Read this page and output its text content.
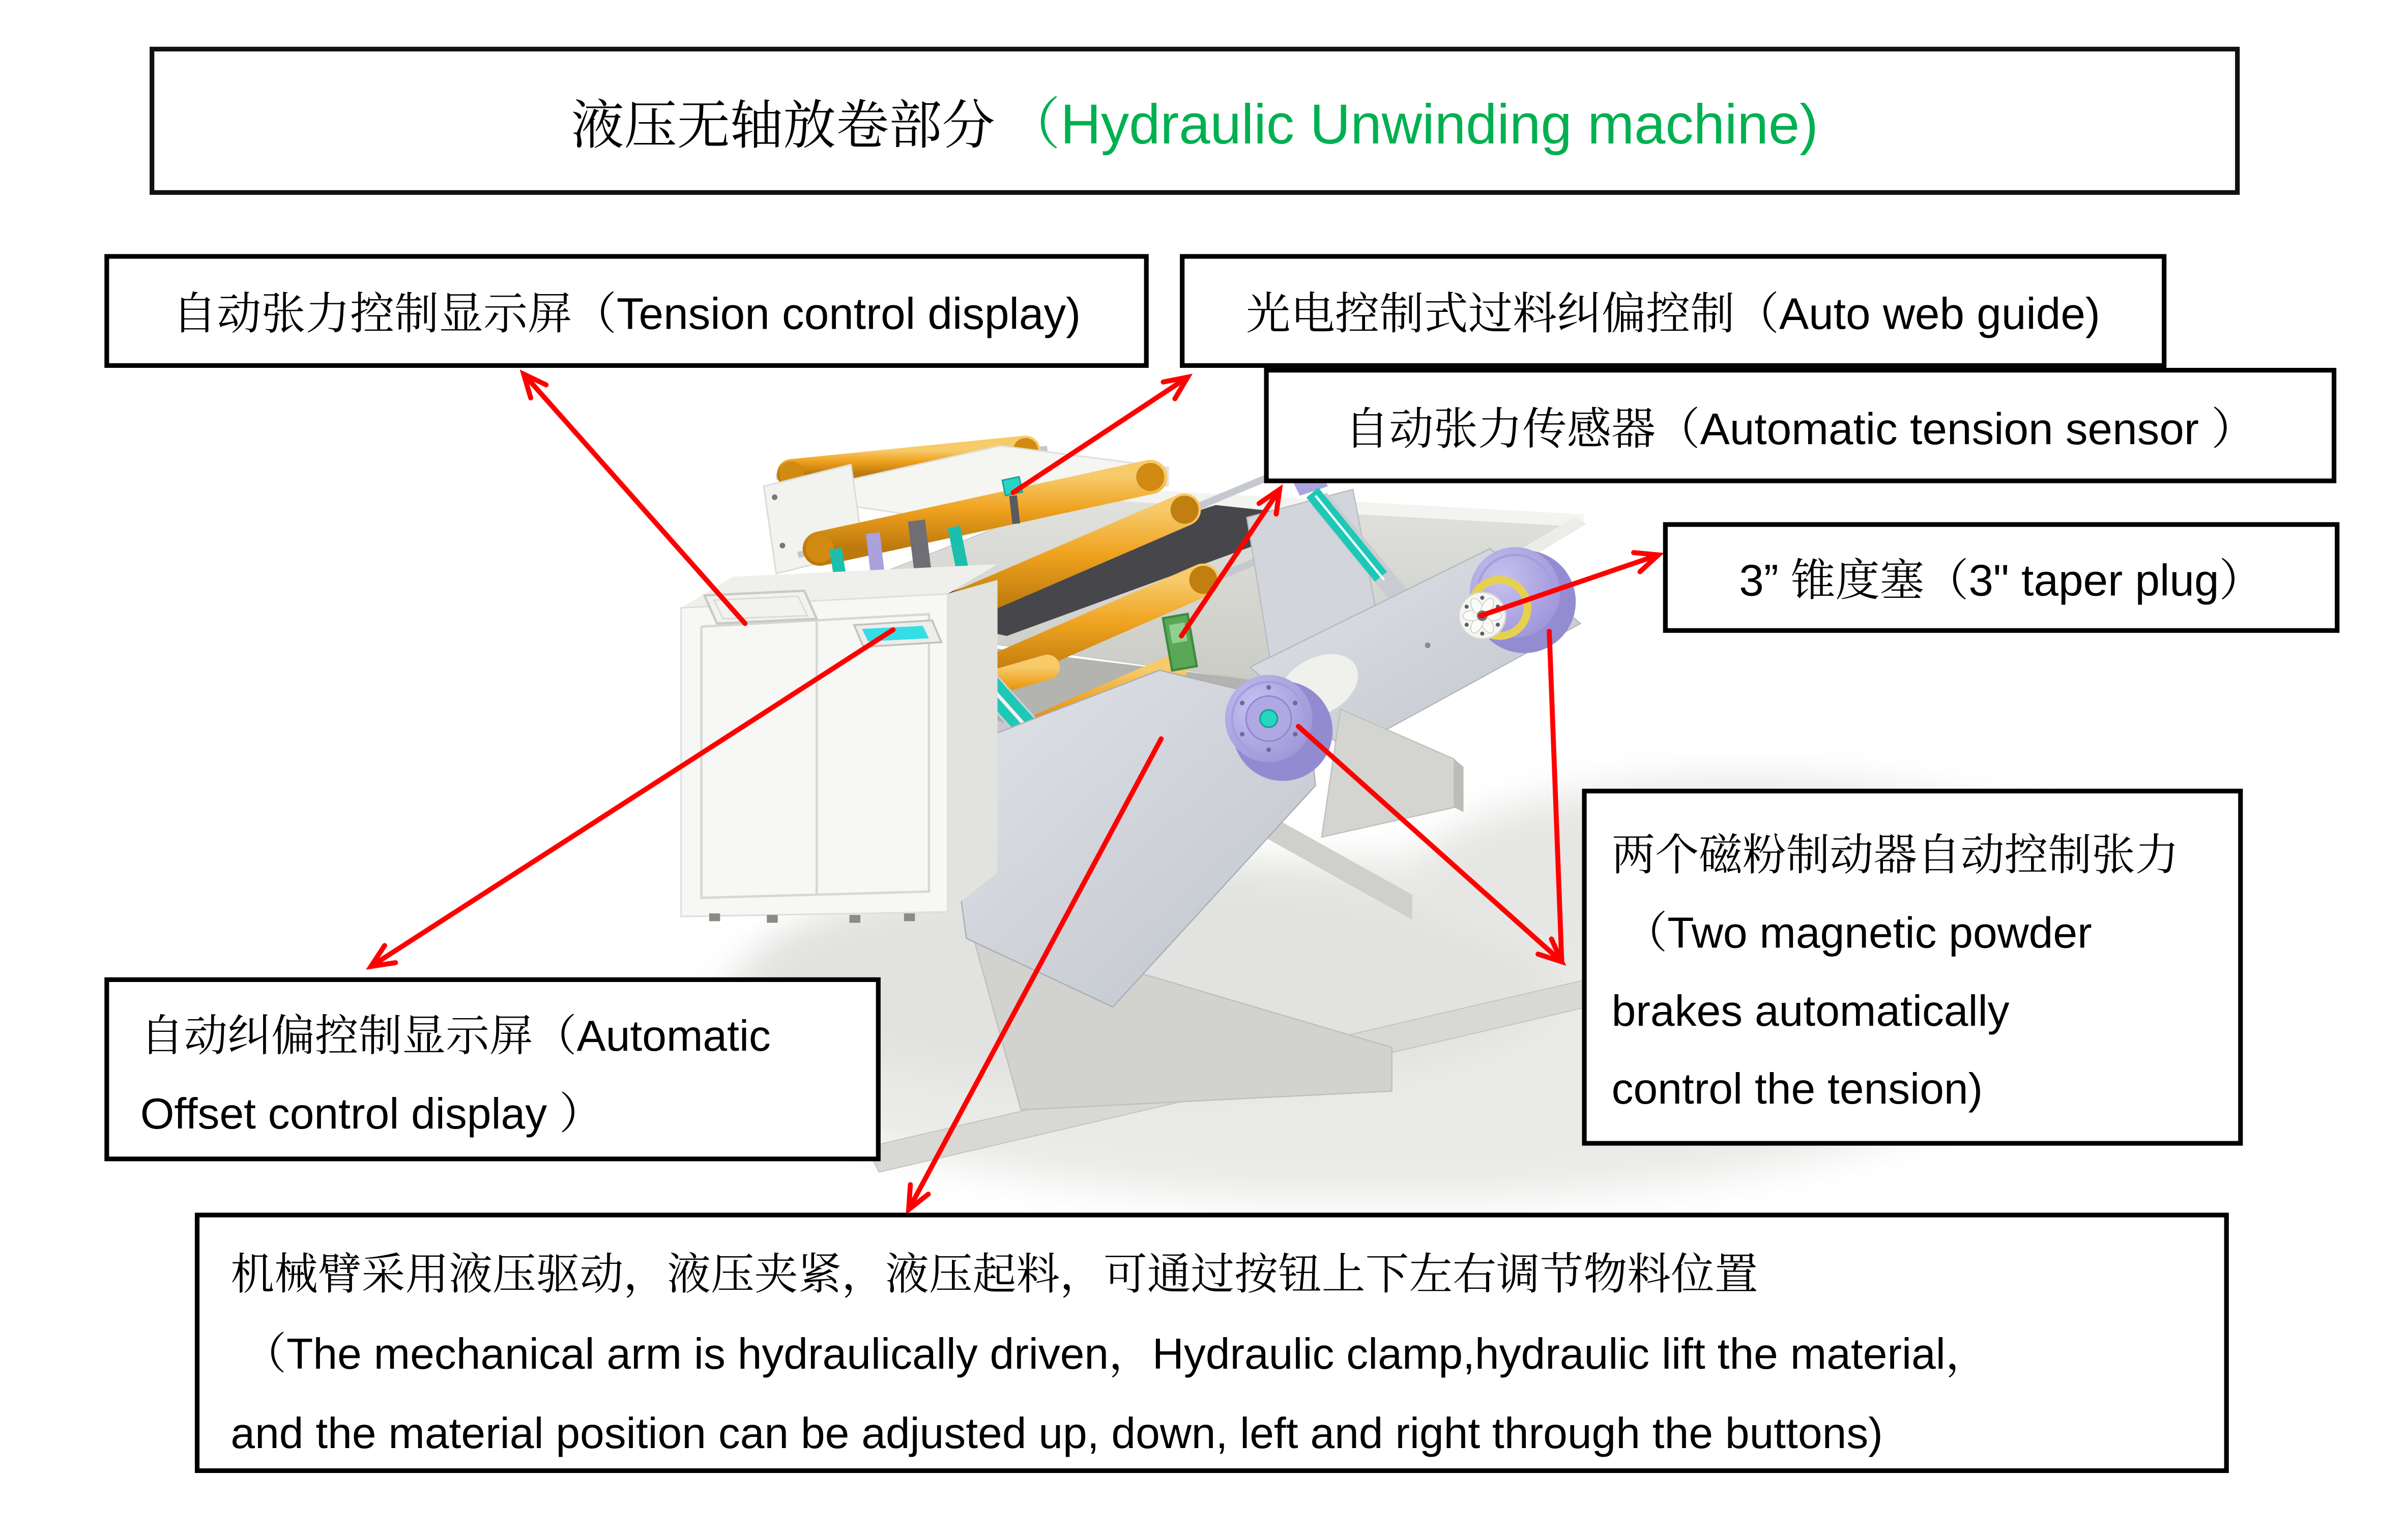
液压无轴放卷部分 （Hydraulic Unwinding machine)
自动张力控制显示屏（Tension control display)	光电控制式过料纠偏控制（Auto web guide)
自动张力传感器（Automatic tension sensor ）
3” 锥度塞（3" taper plug）
两个磁粉制动器自动控制张力
（Two magnetic powder
brakes automatically
control the tension)
自动纠偏控制显示屏（Automatic
Offset control display ）
机械臂采用液压驱动，液压夹紧，液压起料，可通过按钮上下左右调节物料位置
（The mechanical arm is hydraulically driven，Hydraulic clamp,hydraulic lift the material，
and the material position can be adjusted up, down, left and right through the buttons)
